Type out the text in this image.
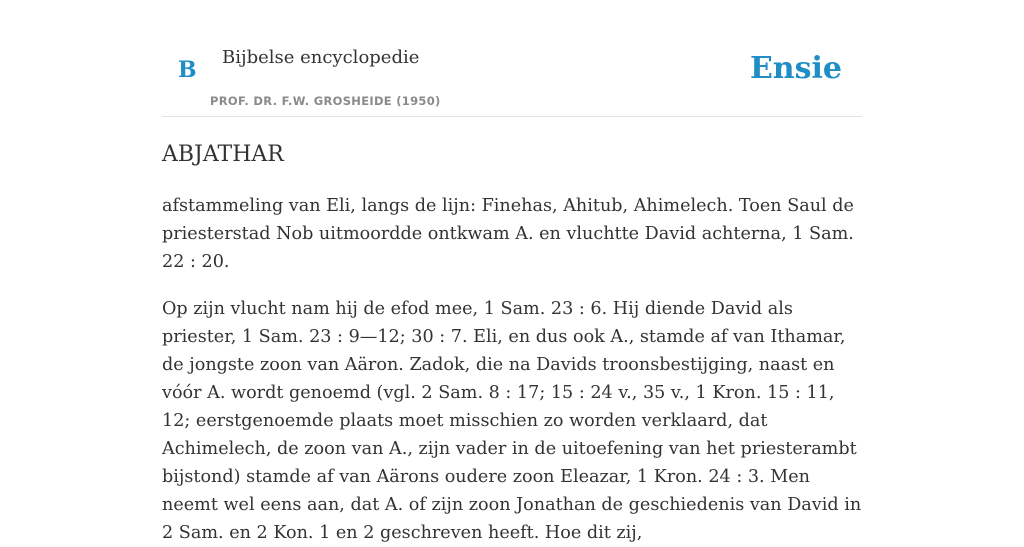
B Bijbelse encyclopedie
PROF. DR. F.W. GROSHEIDE (1950)
Ensie
ABJATHAR

afstammeling van Eli, langs de lijn: Finehas, Ahitub, Ahimelech. Toen Saul de priesterstad Nob uitmoordde ontkwam A. en vluchtte David achterna, 1 Sam. 22 : 20.

Op zijn vlucht nam hij de efod mee, 1 Sam. 23 : 6. Hij diende David als priester, 1 Sam. 23 : 9—12; 30 : 7. Eli, en dus ook A., stamde af van Ithamar, de jongste zoon van Aäron. Zadok, die na Davids troonsbestijging, naast en vóór A. wordt genoemd (vgl. 2 Sam. 8 : 17; 15 : 24 v., 35 v., 1 Kron. 15 : 11, 12; eerstgenoemde plaats moet misschien zo worden verklaard, dat Achimelech, de zoon van A., zijn vader in de uitoefening van het priesterambt bijstond) stamde af van Aärons oudere zoon Eleazar, 1 Kron. 24 : 3. Men neemt wel eens aan, dat A. of zijn zoon Jonathan de geschiedenis van David in 2 Sam. en 2 Kon. 1 en 2 geschreven heeft. Hoe dit zij,
